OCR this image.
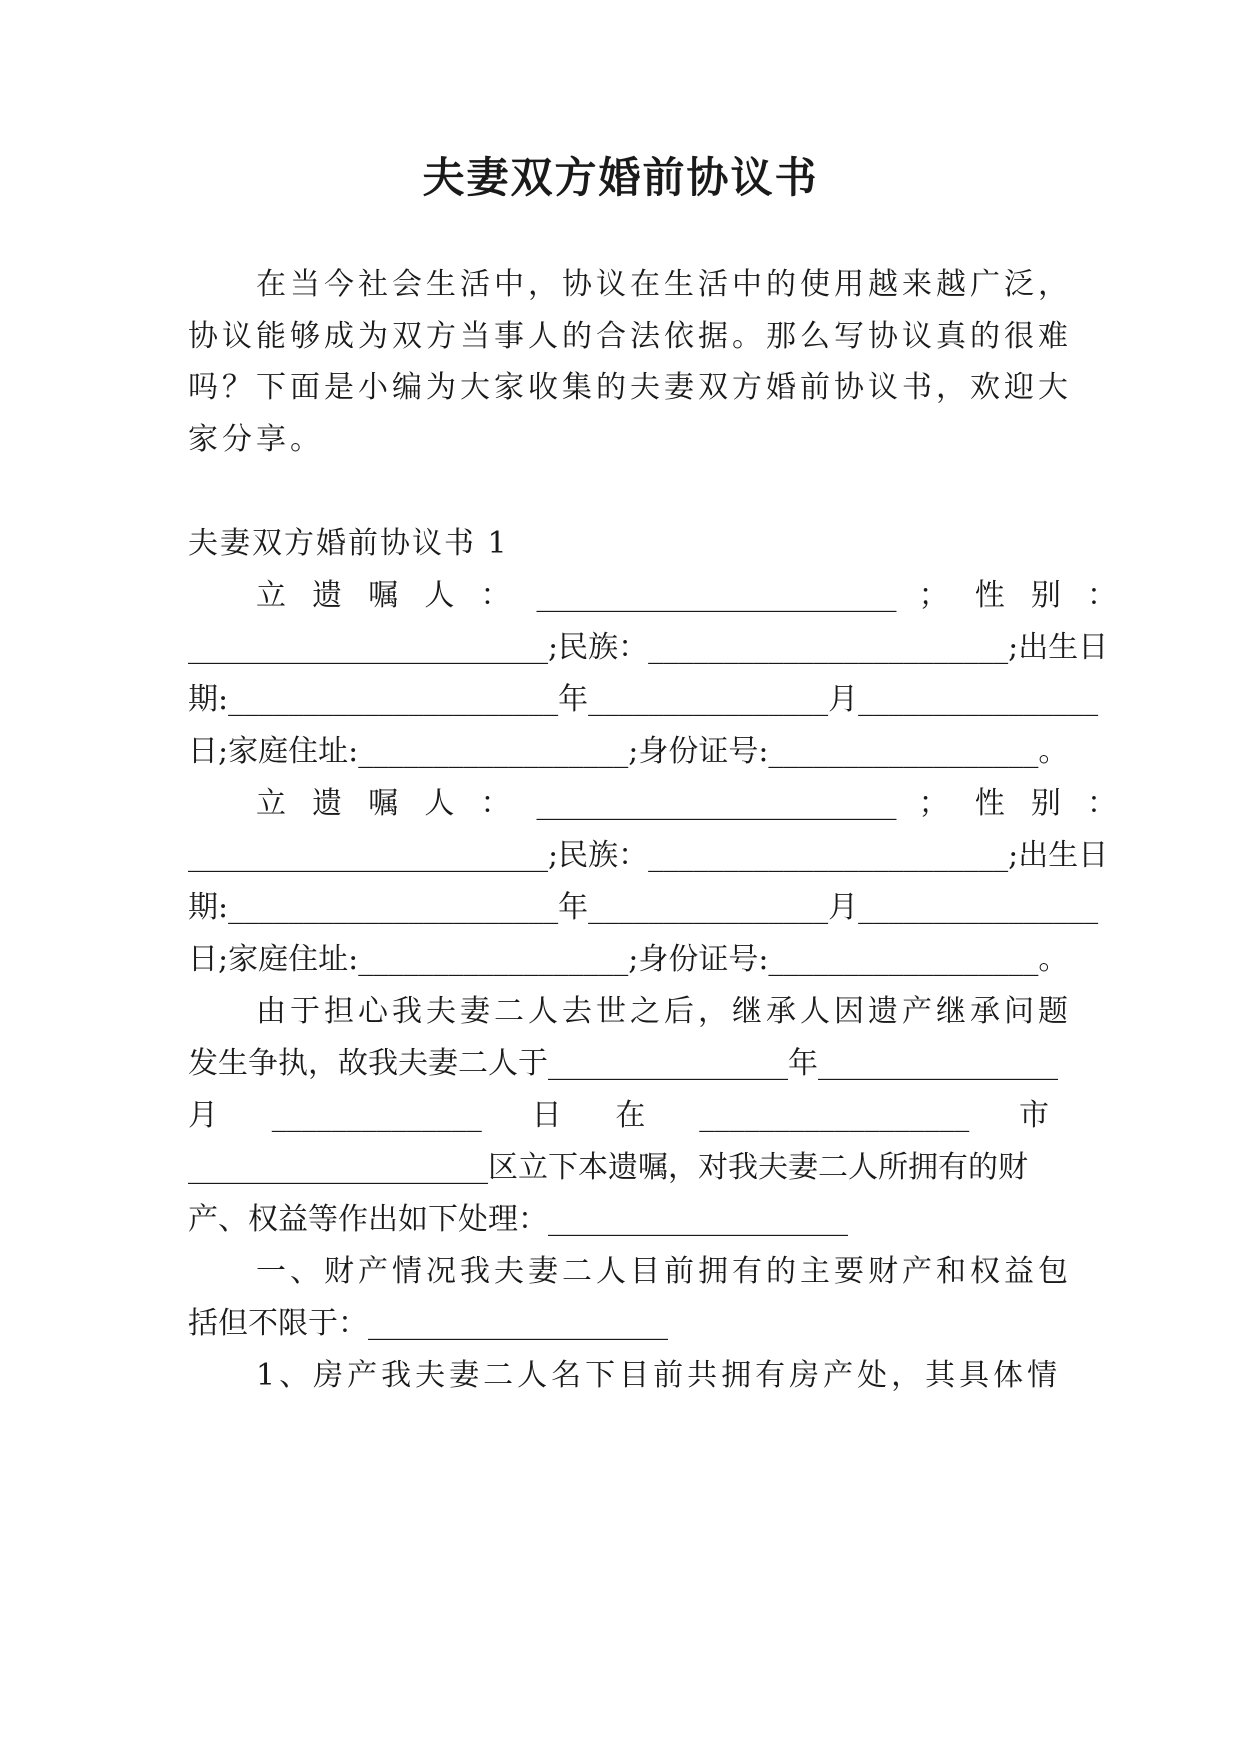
夫妻双方婚前协议书
在当今社会生活中，协议在生活中的使用越来越广泛，
协议能够成为双方当事人的合法依据。那么写协议真的很难
吗？下面是小编为大家收集的夫妻双方婚前协议书，欢迎大
家分享。
夫妻双方婚前协议书 1
立 遗 嘱 人 ： ________________________ ； 性 别 ：
________________________;民族：________________________;出生日
期:______________________年________________月________________
日;家庭住址:__________________;身份证号:__________________。
立 遗 嘱 人 ： ________________________ ； 性 别 ：
________________________;民族：________________________;出生日
期:______________________年________________月________________
日;家庭住址:__________________;身份证号:__________________。
由于担心我夫妻二人去世之后，继承人因遗产继承问题
发生争执，故我夫妻二人于________________年________________
月 ______________ 日 在 __________________ 市
____________________区立下本遗嘱，对我夫妻二人所拥有的财
产、权益等作出如下处理：____________________
一、财产情况我夫妻二人目前拥有的主要财产和权益包
括但不限于：____________________
1、房产我夫妻二人名下目前共拥有房产处，其具体情
